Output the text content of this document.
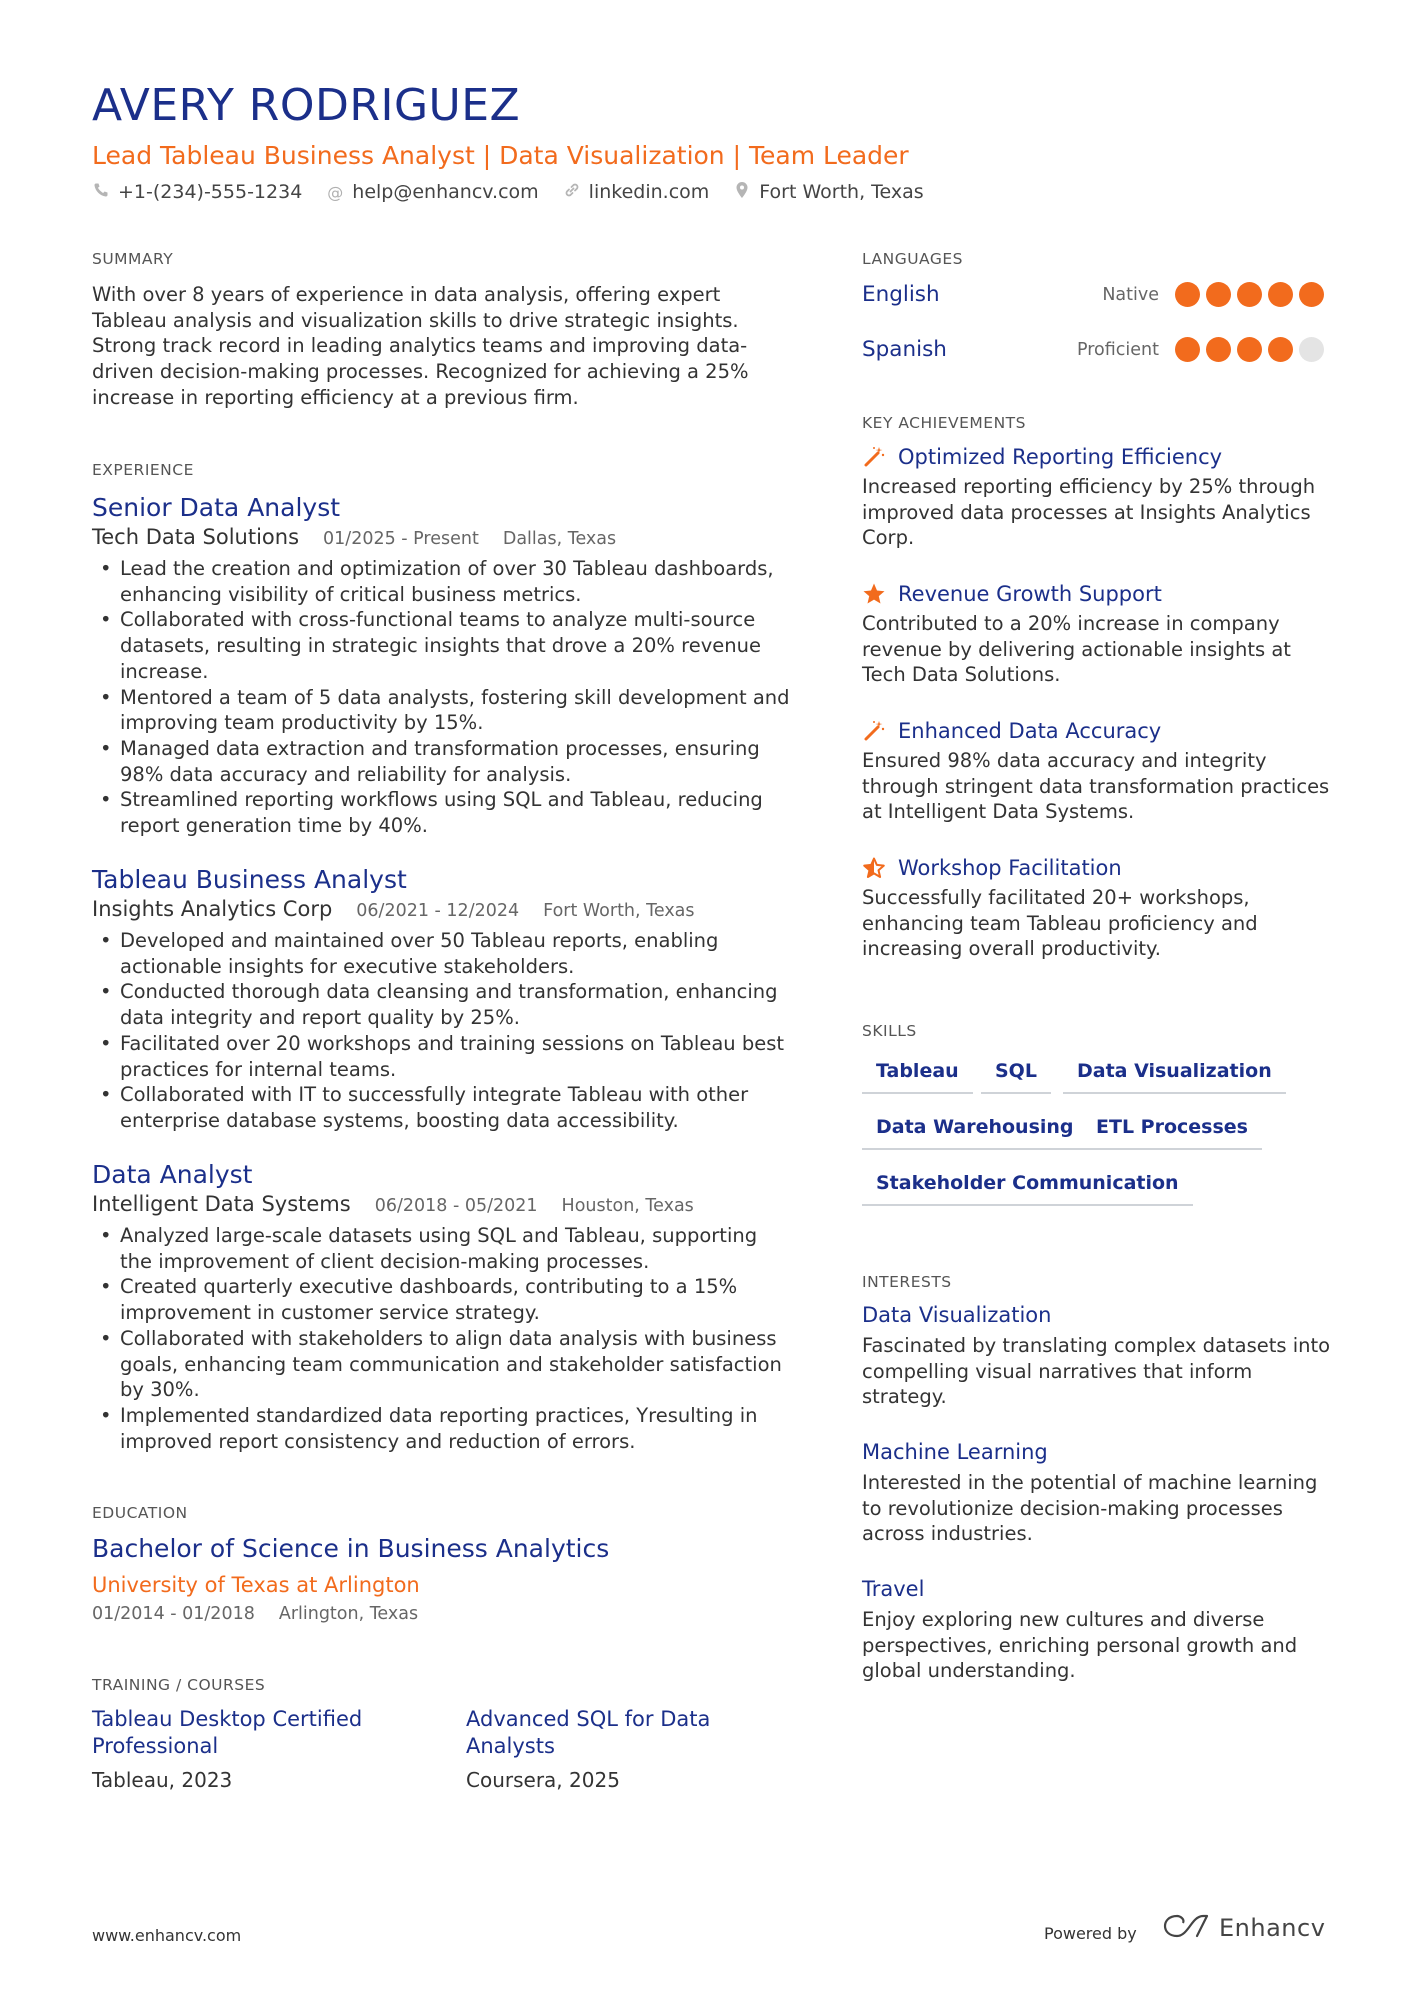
AVERY RODRIGUEZ
Lead Tableau Business Analyst | Data Visualization | Team Leader
+1-(234)-555-1234 @ help@enhancv.com	linkedin.com	Fort Worth, Texas
SUMMARY
With over 8 years of experience in data analysis, offering expert Tableau analysis and visualization skills to drive strategic insights. Strong track record in leading analytics teams and improving data-driven decision-making processes. Recognized for achieving a 25% increase in reporting efficiency at a previous firm.
EXPERIENCE
Senior Data Analyst
Tech Data Solutions 01/2025 - Present Dallas, Texas
• Lead the creation and optimization of over 30 Tableau dashboards, enhancing visibility of critical business metrics.
• Collaborated with cross-functional teams to analyze multi-source datasets, resulting in strategic insights that drove a 20% revenue increase.
• Mentored a team of 5 data analysts, fostering skill development and improving team productivity by 15%.
• Managed data extraction and transformation processes, ensuring 98% data accuracy and reliability for analysis.
• Streamlined reporting workflows using SQL and Tableau, reducing report generation time by 40%.
Tableau Business Analyst
Insights Analytics Corp 06/2021 - 12/2024 Fort Worth, Texas
• Developed and maintained over 50 Tableau reports, enabling actionable insights for executive stakeholders.
• Conducted thorough data cleansing and transformation, enhancing data integrity and report quality by 25%.
• Facilitated over 20 workshops and training sessions on Tableau best practices for internal teams.
• Collaborated with IT to successfully integrate Tableau with other enterprise database systems, boosting data accessibility.
Data Analyst
Intelligent Data Systems 06/2018 - 05/2021 Houston, Texas
• Analyzed large-scale datasets using SQL and Tableau, supporting the improvement of client decision-making processes.
• Created quarterly executive dashboards, contributing to a 15% improvement in customer service strategy.
• Collaborated with stakeholders to align data analysis with business goals, enhancing team communication and stakeholder satisfaction by 30%.
• Implemented standardized data reporting practices, Yresulting in improved report consistency and reduction of errors.
EDUCATION
Bachelor of Science in Business Analytics
University of Texas at Arlington
01/2014 - 01/2018 Arlington, Texas
TRAINING / COURSES
Tableau Desktop Certified Professional
Tableau, 2023
Advanced SQL for Data Analysts
Coursera, 2025
LANGUAGES
English	Native
Spanish	Proficient
KEY ACHIEVEMENTS
Optimized Reporting Efficiency
Increased reporting efficiency by 25% through improved data processes at Insights Analytics Corp.
Revenue Growth Support
Contributed to a 20% increase in company revenue by delivering actionable insights at Tech Data Solutions.
Enhanced Data Accuracy
Ensured 98% data accuracy and integrity through stringent data transformation practices at Intelligent Data Systems.
Workshop Facilitation
Successfully facilitated 20+ workshops, enhancing team Tableau proficiency and increasing overall productivity.
SKILLS
Tableau	SQL	Data Visualization
Data Warehousing	ETL Processes
Stakeholder Communication
INTERESTS
Data Visualization
Fascinated by translating complex datasets into compelling visual narratives that inform strategy.
Machine Learning
Interested in the potential of machine learning to revolutionize decision-making processes across industries.
Travel
Enjoy exploring new cultures and diverse perspectives, enriching personal growth and global understanding.
www.enhancv.com	Powered by	Enhancv
